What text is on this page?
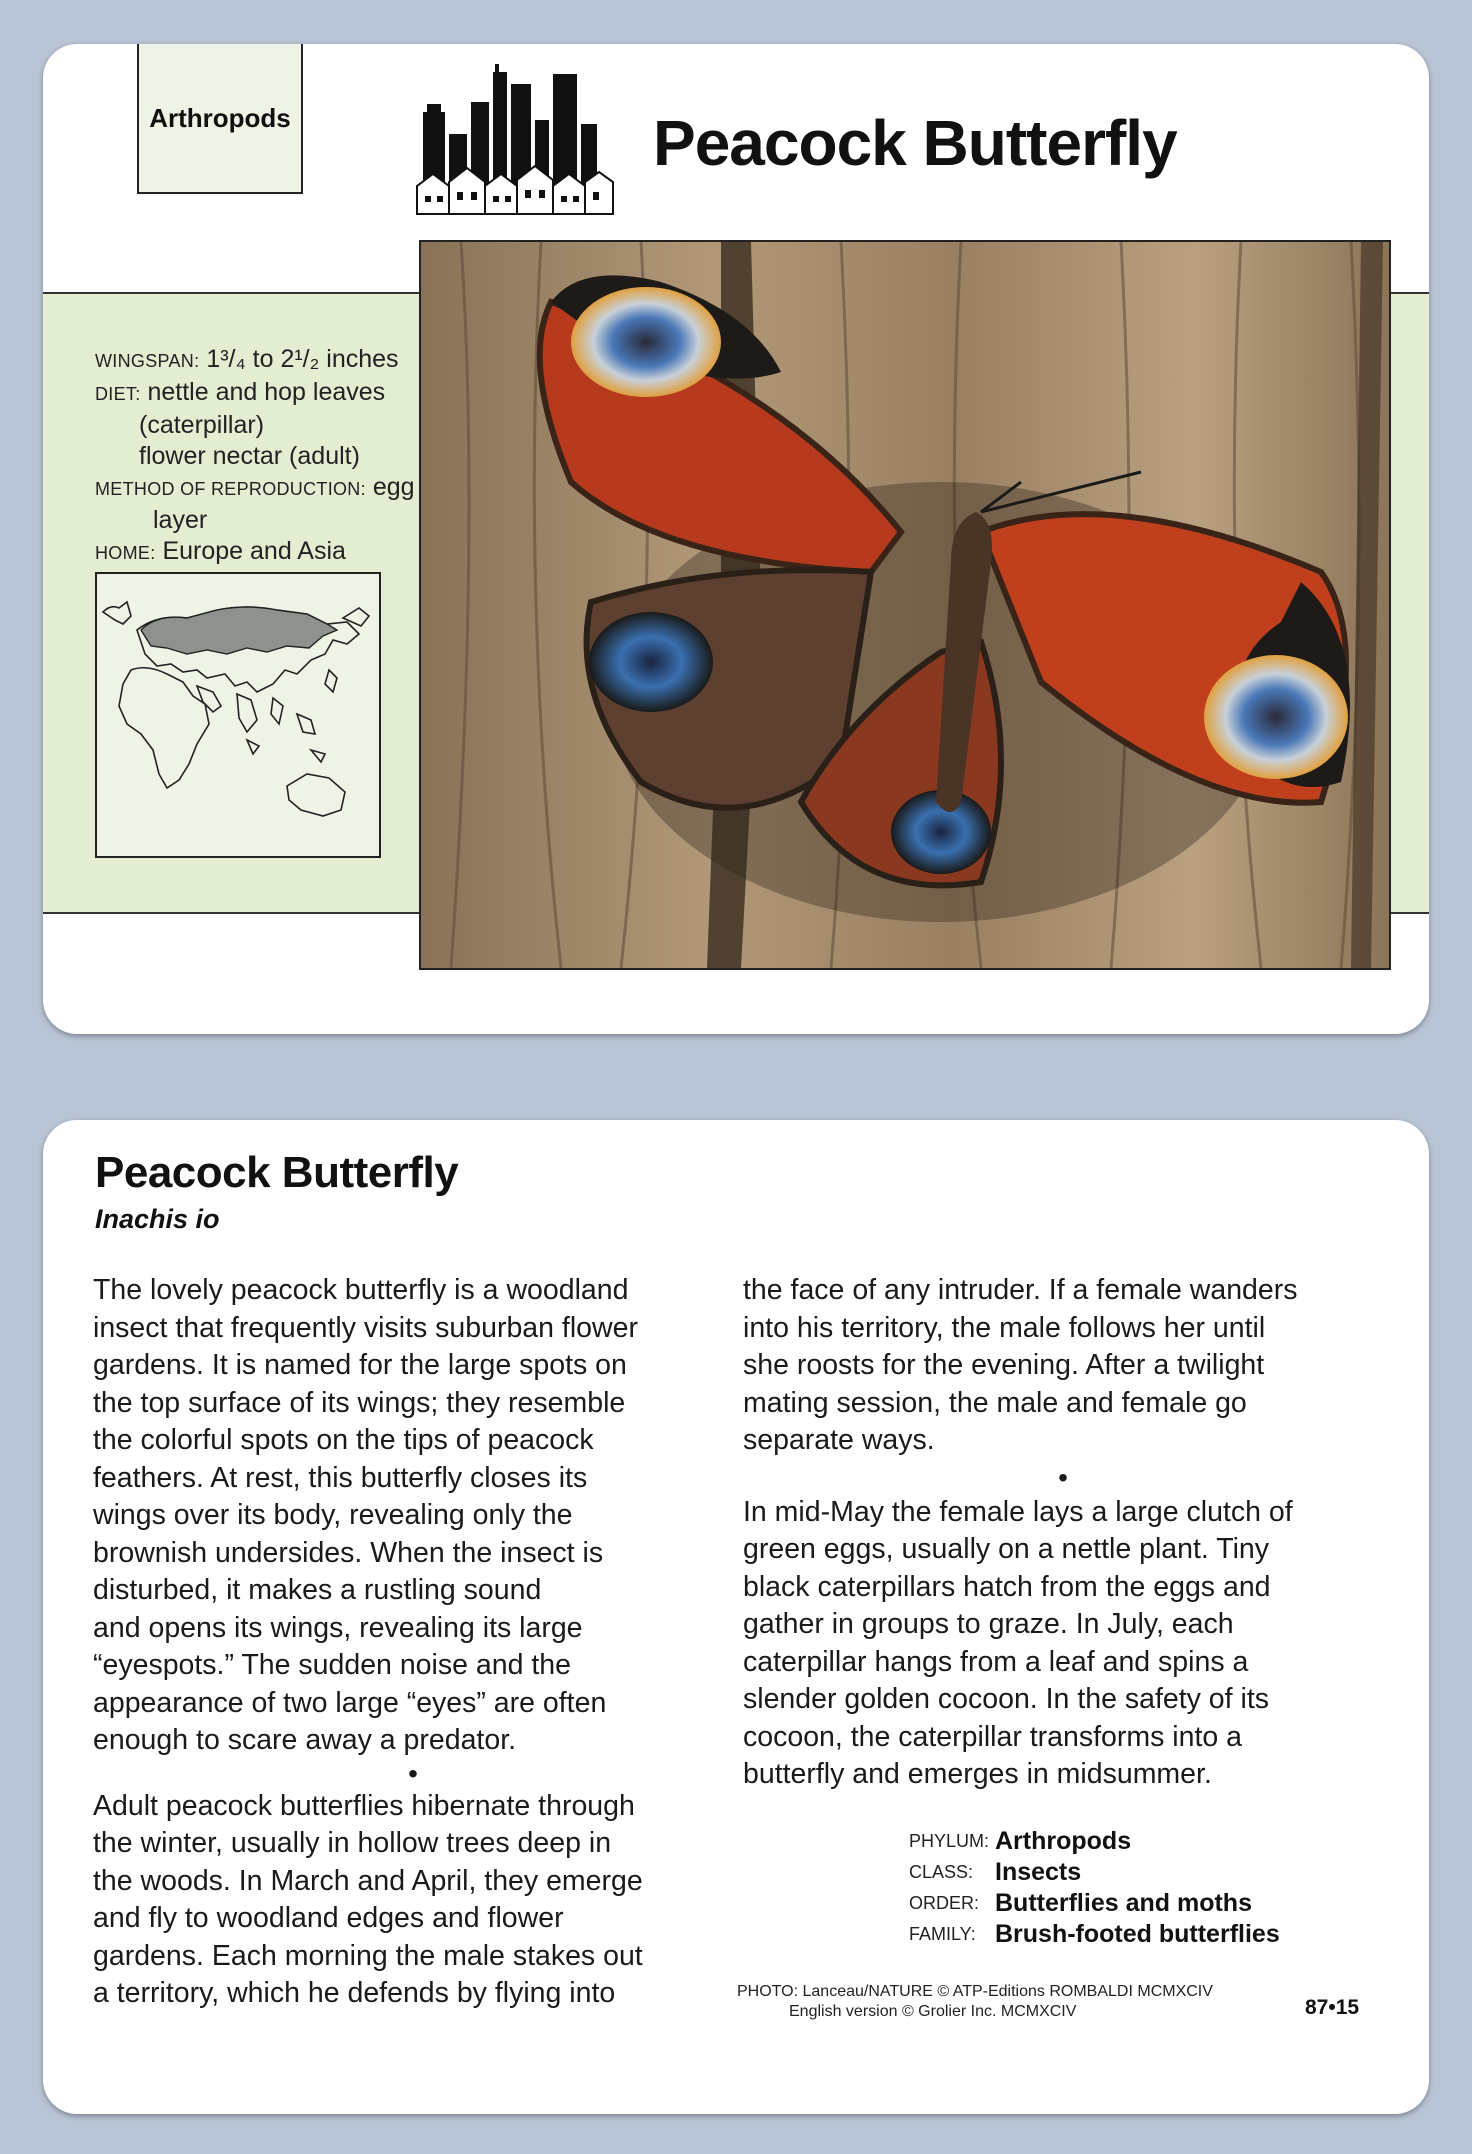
Arthropods	Peacock Butterfly
WINGSPAN: 1³/₄ to 2¹/₂ inches
DIET: nettle and hop leaves
(caterpillar)
flower nectar (adult)
METHOD OF REPRODUCTION: egg
layer
HOME: Europe and Asia
Peacock Butterfly
Inachis io

The lovely peacock butterfly is a woodland
insect that frequently visits suburban flower
gardens. It is named for the large spots on
the top surface of its wings; they resemble
the colorful spots on the tips of peacock
feathers. At rest, this butterfly closes its
wings over its body, revealing only the
brownish undersides. When the insect is
disturbed, it makes a rustling sound
and opens its wings, revealing its large
“eyespots.” The sudden noise and the
appearance of two large “eyes” are often
enough to scare away a predator.

•

Adult peacock butterflies hibernate through
the winter, usually in hollow trees deep in
the woods. In March and April, they emerge
and fly to woodland edges and flower
gardens. Each morning the male stakes out
a territory, which he defends by flying into

the face of any intruder. If a female wanders
into his territory, the male follows her until
she roosts for the evening. After a twilight
mating session, the male and female go
separate ways.

•

In mid-May the female lays a large clutch of
green eggs, usually on a nettle plant. Tiny
black caterpillars hatch from the eggs and
gather in groups to graze. In July, each
caterpillar hangs from a leaf and spins a
slender golden cocoon. In the safety of its
cocoon, the caterpillar transforms into a
butterfly and emerges in midsummer.

PHYLUM: Arthropods
CLASS: Insects
ORDER: Butterflies and moths
FAMILY: Brush-footed butterflies
PHOTO: Lanceau/NATURE © ATP-Editions ROMBALDI MCMXCIV
English version © Grolier Inc. MCMXCIV	87•15
